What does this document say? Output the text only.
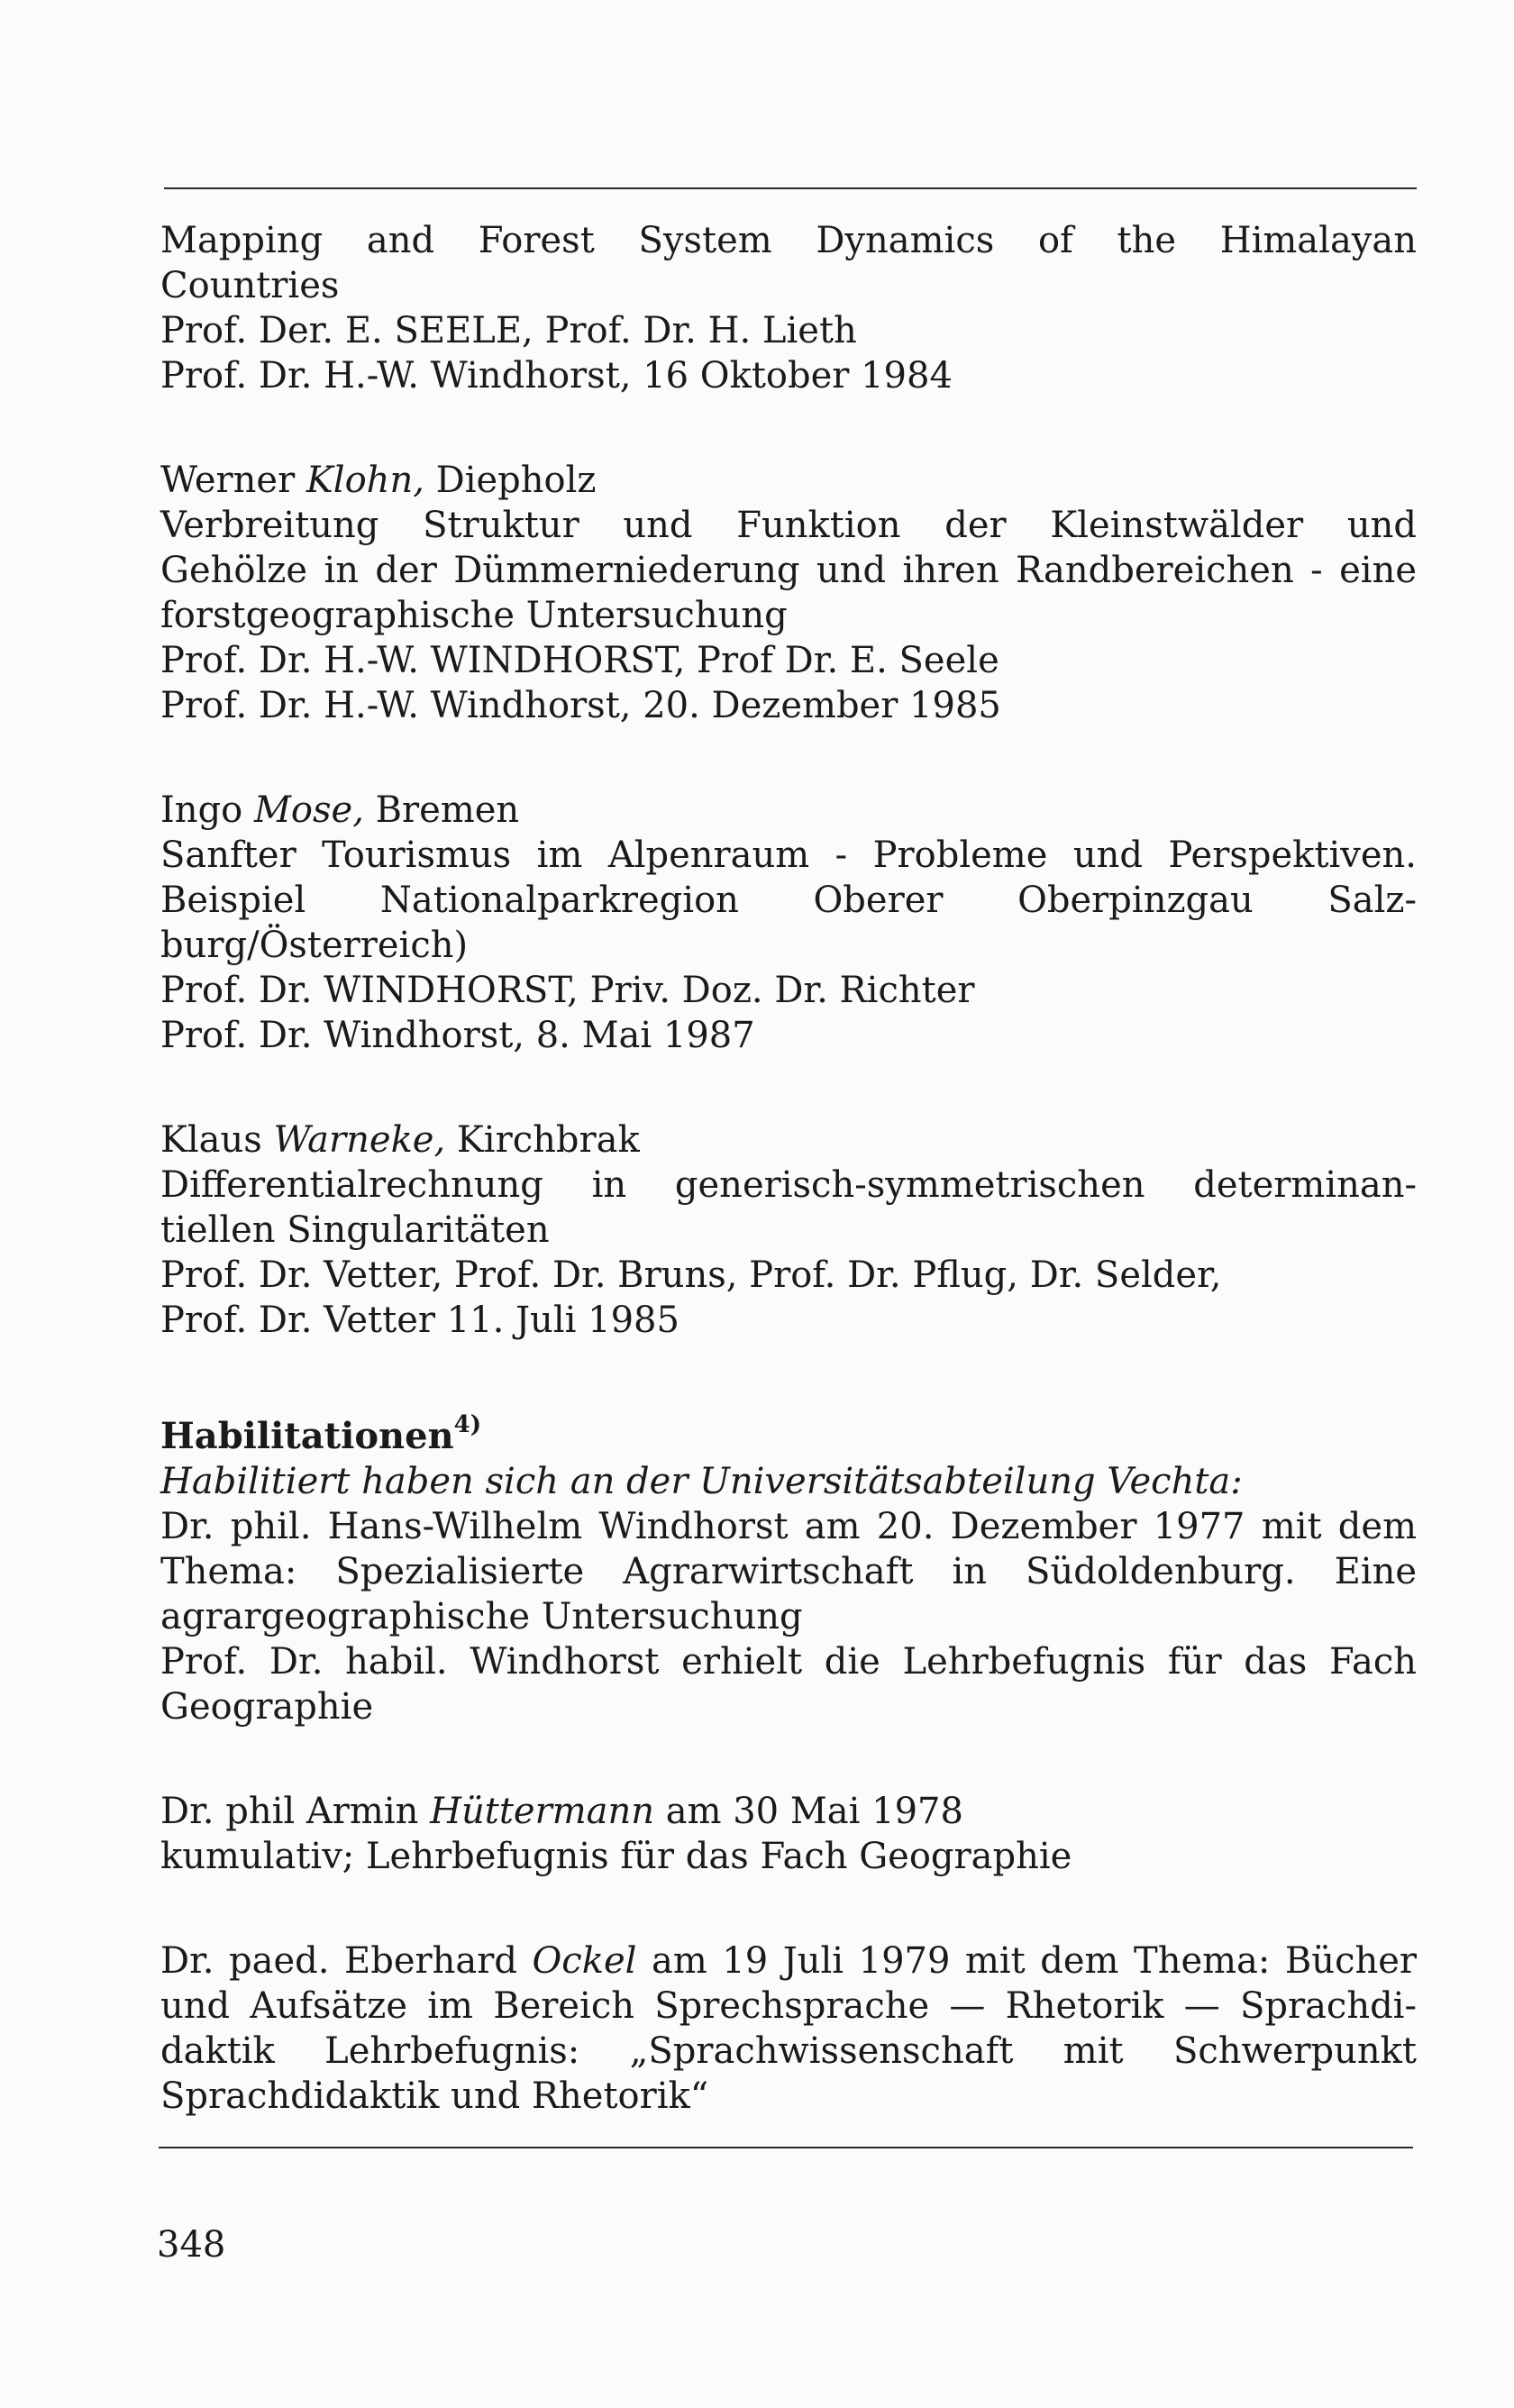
Mapping and Forest System Dynamics of the Himalayan
Countries
Prof. Der. E. SEELE, Prof. Dr. H. Lieth
Prof. Dr. H.-W. Windhorst, 16 Oktober 1984
Werner Klohn, Diepholz
Verbreitung Struktur und Funktion der Kleinstwälder und
Gehölze in der Dümmerniederung und ihren Randbereichen - eine
forstgeographische Untersuchung
Prof. Dr. H.-W. WINDHORST, Prof Dr. E. Seele
Prof. Dr. H.-W. Windhorst, 20. Dezember 1985
Ingo Mose, Bremen
Sanfter Tourismus im Alpenraum - Probleme und Perspektiven.
Beispiel Nationalparkregion Oberer Oberpinzgau Salz-
burg/Österreich)
Prof. Dr. WINDHORST, Priv. Doz. Dr. Richter
Prof. Dr. Windhorst, 8. Mai 1987
Klaus Warneke, Kirchbrak
Differentialrechnung in generisch-symmetrischen determinan-
tiellen Singularitäten
Prof. Dr. Vetter, Prof. Dr. Bruns, Prof. Dr. Pflug, Dr. Selder,
Prof. Dr. Vetter 11. Juli 1985
Habilitationen$^{4)}$
Habilitiert haben sich an der Universitätsabteilung Vechta:
Dr. phil. Hans-Wilhelm Windhorst am 20. Dezember 1977 mit dem
Thema: Spezialisierte Agrarwirtschaft in Südoldenburg. Eine
agrargeographische Untersuchung
Prof. Dr. habil. Windhorst erhielt die Lehrbefugnis für das Fach
Geographie
Dr. phil Armin Hüttermann am 30 Mai 1978
kumulativ; Lehrbefugnis für das Fach Geographie
Dr. paed. Eberhard Ockel am 19 Juli 1979 mit dem Thema: Bücher
und Aufsätze im Bereich Sprechsprache — Rhetorik — Sprachdi-
daktik Lehrbefugnis: „Sprachwissenschaft mit Schwerpunkt
Sprachdidaktik und Rhetorik“
348
